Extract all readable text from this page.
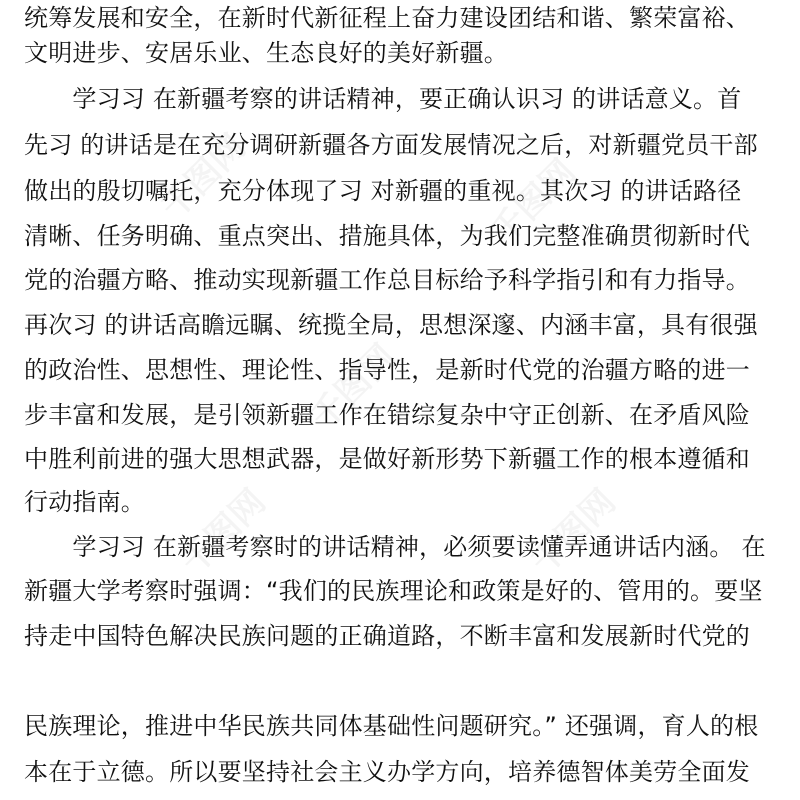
千图网	千图网
千图网
千图网	千图网
统筹发展和安全，在新时代新征程上奋力建设团结和谐、繁荣富裕、
文明进步、安居乐业、生态良好的美好新疆。
　　学习习 在新疆考察的讲话精神，要正确认识习 的讲话意义。首
先习 的讲话是在充分调研新疆各方面发展情况之后，对新疆党员干部
做出的殷切嘱托，充分体现了习 对新疆的重视。其次习 的讲话路径
清晰、任务明确、重点突出、措施具体，为我们完整准确贯彻新时代
党的治疆方略、推动实现新疆工作总目标给予科学指引和有力指导。
再次习 的讲话高瞻远瞩、统揽全局，思想深邃、内涵丰富，具有很强
的政治性、思想性、理论性、指导性，是新时代党的治疆方略的进一
步丰富和发展，是引领新疆工作在错综复杂中守正创新、在矛盾风险
中胜利前进的强大思想武器，是做好新形势下新疆工作的根本遵循和
行动指南。
　　学习习 在新疆考察时的讲话精神，必须要读懂弄通讲话内涵。 在
新疆大学考察时强调：“我们的民族理论和政策是好的、管用的。要坚
持走中国特色解决民族问题的正确道路，不断丰富和发展新时代党的
民族理论，推进中华民族共同体基础性问题研究。” 还强调，育人的根
本在于立德。所以要坚持社会主义办学方向，培养德智体美劳全面发
